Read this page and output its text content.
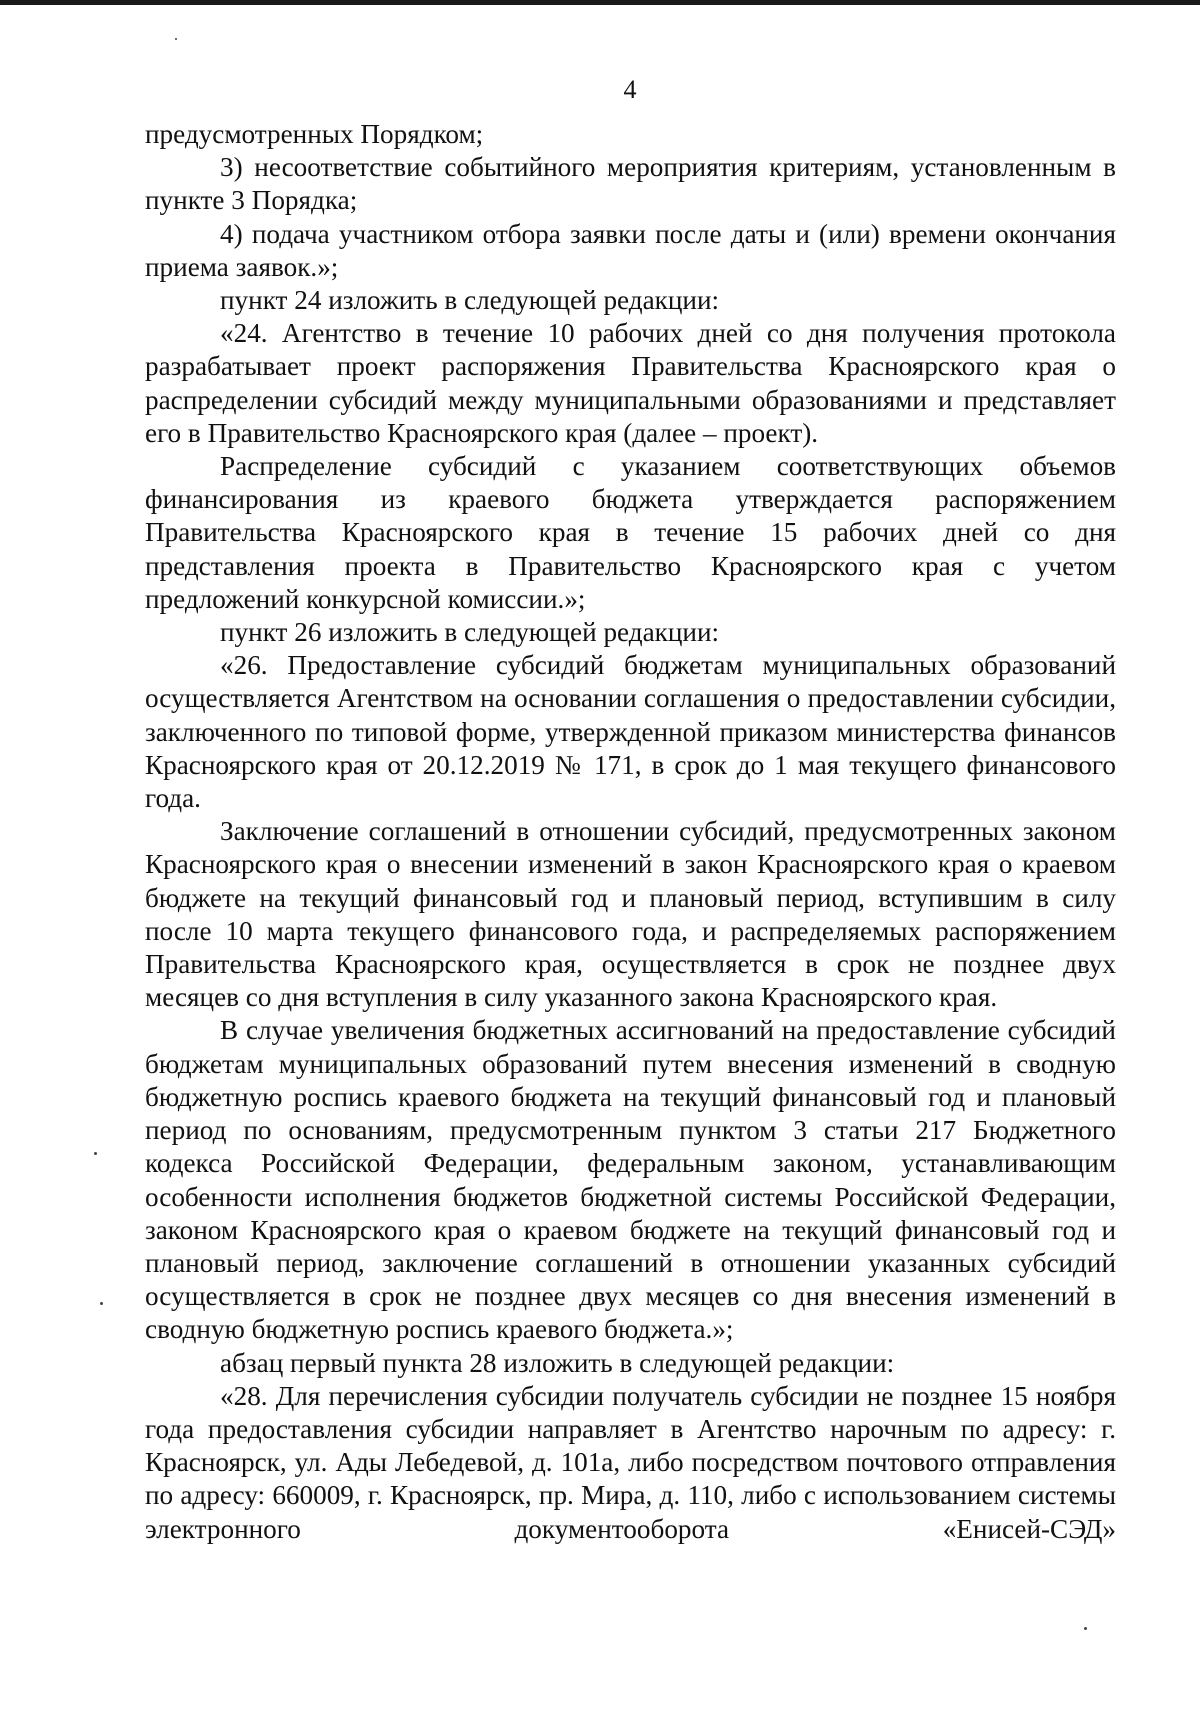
4

предусмотренных Порядком;

3) несоответствие событийного мероприятия критериям, установленным в пункте 3 Порядка;

4) подача участником отбора заявки после даты и (или) времени окончания приема заявок.»;

пункт 24 изложить в следующей редакции:

«24. Агентство в течение 10 рабочих дней со дня получения протокола разрабатывает проект распоряжения Правительства Красноярского края о распределении субсидий между муниципальными образованиями и представляет его в Правительство Красноярского края (далее – проект).

Распределение субсидий с указанием соответствующих объемов финансирования из краевого бюджета утверждается распоряжением Правительства Красноярского края в течение 15 рабочих дней со дня представления проекта в Правительство Красноярского края с учетом предложений конкурсной комиссии.»;

пункт 26 изложить в следующей редакции:

«26. Предоставление субсидий бюджетам муниципальных образований осуществляется Агентством на основании соглашения о предоставлении субсидии, заключенного по типовой форме, утвержденной приказом министерства финансов Красноярского края от 20.12.2019 № 171, в срок до 1 мая текущего финансового года.

Заключение соглашений в отношении субсидий, предусмотренных законом Красноярского края о внесении изменений в закон Красноярского края о краевом бюджете на текущий финансовый год и плановый период, вступившим в силу после 10 марта текущего финансового года, и распределяемых распоряжением Правительства Красноярского края, осуществляется в срок не позднее двух месяцев со дня вступления в силу указанного закона Красноярского края.

В случае увеличения бюджетных ассигнований на предоставление субсидий бюджетам муниципальных образований путем внесения изменений в сводную бюджетную роспись краевого бюджета на текущий финансовый год и плановый период по основаниям, предусмотренным пунктом 3 статьи 217 Бюджетного кодекса Российской Федерации, федеральным законом, устанавливающим особенности исполнения бюджетов бюджетной системы Российской Федерации, законом Красноярского края о краевом бюджете на текущий финансовый год и плановый период, заключение соглашений в отношении указанных субсидий осуществляется в срок не позднее двух месяцев со дня внесения изменений в сводную бюджетную роспись краевого бюджета.»;

абзац первый пункта 28 изложить в следующей редакции:

«28. Для перечисления субсидии получатель субсидии не позднее 15 ноября года предоставления субсидии направляет в Агентство нарочным по адресу: г. Красноярск, ул. Ады Лебедевой, д. 101а, либо посредством почтового отправления по адресу: 660009, г. Красноярск, пр. Мира, д. 110, либо с использованием системы электронного документооборота «Енисей-СЭД»
